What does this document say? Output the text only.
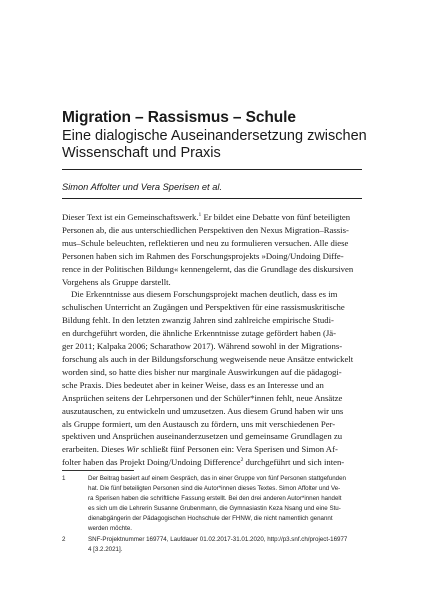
Migration – Rassismus – Schule
Eine dialogische Auseinandersetzung zwischen
Wissenschaft und Praxis
Simon Affolter und Vera Sperisen et al.

Dieser Text ist ein Gemeinschaftswerk.$^1$ Er bildet eine Debatte von fünf beteiligten
Personen ab, die aus unterschiedlichen Perspektiven den Nexus Migration–Rassis-
mus–Schule beleuchten, reflektieren und neu zu formulieren versuchen. Alle diese
Personen haben sich im Rahmen des Forschungsprojekts »Doing/Undoing Diffe-
rence in der Politischen Bildung« kennengelernt, das die Grundlage des diskursiven
Vorgehens als Gruppe darstellt.

Die Erkenntnisse aus diesem Forschungsprojekt machen deutlich, dass es im
schulischen Unterricht an Zugängen und Perspektiven für eine rassismuskritische
Bildung fehlt. In den letzten zwanzig Jahren sind zahlreiche empirische Studi-
en durchgeführt worden, die ähnliche Erkenntnisse zutage gefördert haben (Jä-
ger 2011; Kalpaka 2006; Scharathow 2017). Während sowohl in der Migrations-
forschung als auch in der Bildungsforschung wegweisende neue Ansätze entwickelt
worden sind, so hatte dies bisher nur marginale Auswirkungen auf die pädagogi-
sche Praxis. Dies bedeutet aber in keiner Weise, dass es an Interesse und an
Ansprüchen seitens der Lehrpersonen und der Schüler*innen fehlt, neue Ansätze
auszutauschen, zu entwickeln und umzusetzen. Aus diesem Grund haben wir uns
als Gruppe formiert, um den Austausch zu fördern, uns mit verschiedenen Per-
spektiven und Ansprüchen auseinanderzusetzen und gemeinsame Grundlagen zu
erarbeiten. Dieses Wir schließt fünf Personen ein: Vera Sperisen und Simon Af-
folter haben das Projekt Doing/Undoing Difference$^2$ durchgeführt und sich inten-

1	Der Beitrag basiert auf einem Gespräch, das in einer Gruppe von fünf Personen stattgefunden
hat. Die fünf beteiligten Personen sind die Autor*innen dieses Textes. Simon Affolter und Ve-
ra Sperisen haben die schriftliche Fassung erstellt. Bei den drei anderen Autor*innen handelt
es sich um die Lehrerin Susanne Grubenmann, die Gymnasiastin Keza Nsang und eine Stu-
dienabgängerin der Pädagogischen Hochschule der FHNW, die nicht namentlich genannt
werden möchte.
2	SNF-Projektnummer 169774, Laufdauer 01.02.2017-31.01.2020, http://p3.snf.ch/project-16977
4 [3.2.2021].
